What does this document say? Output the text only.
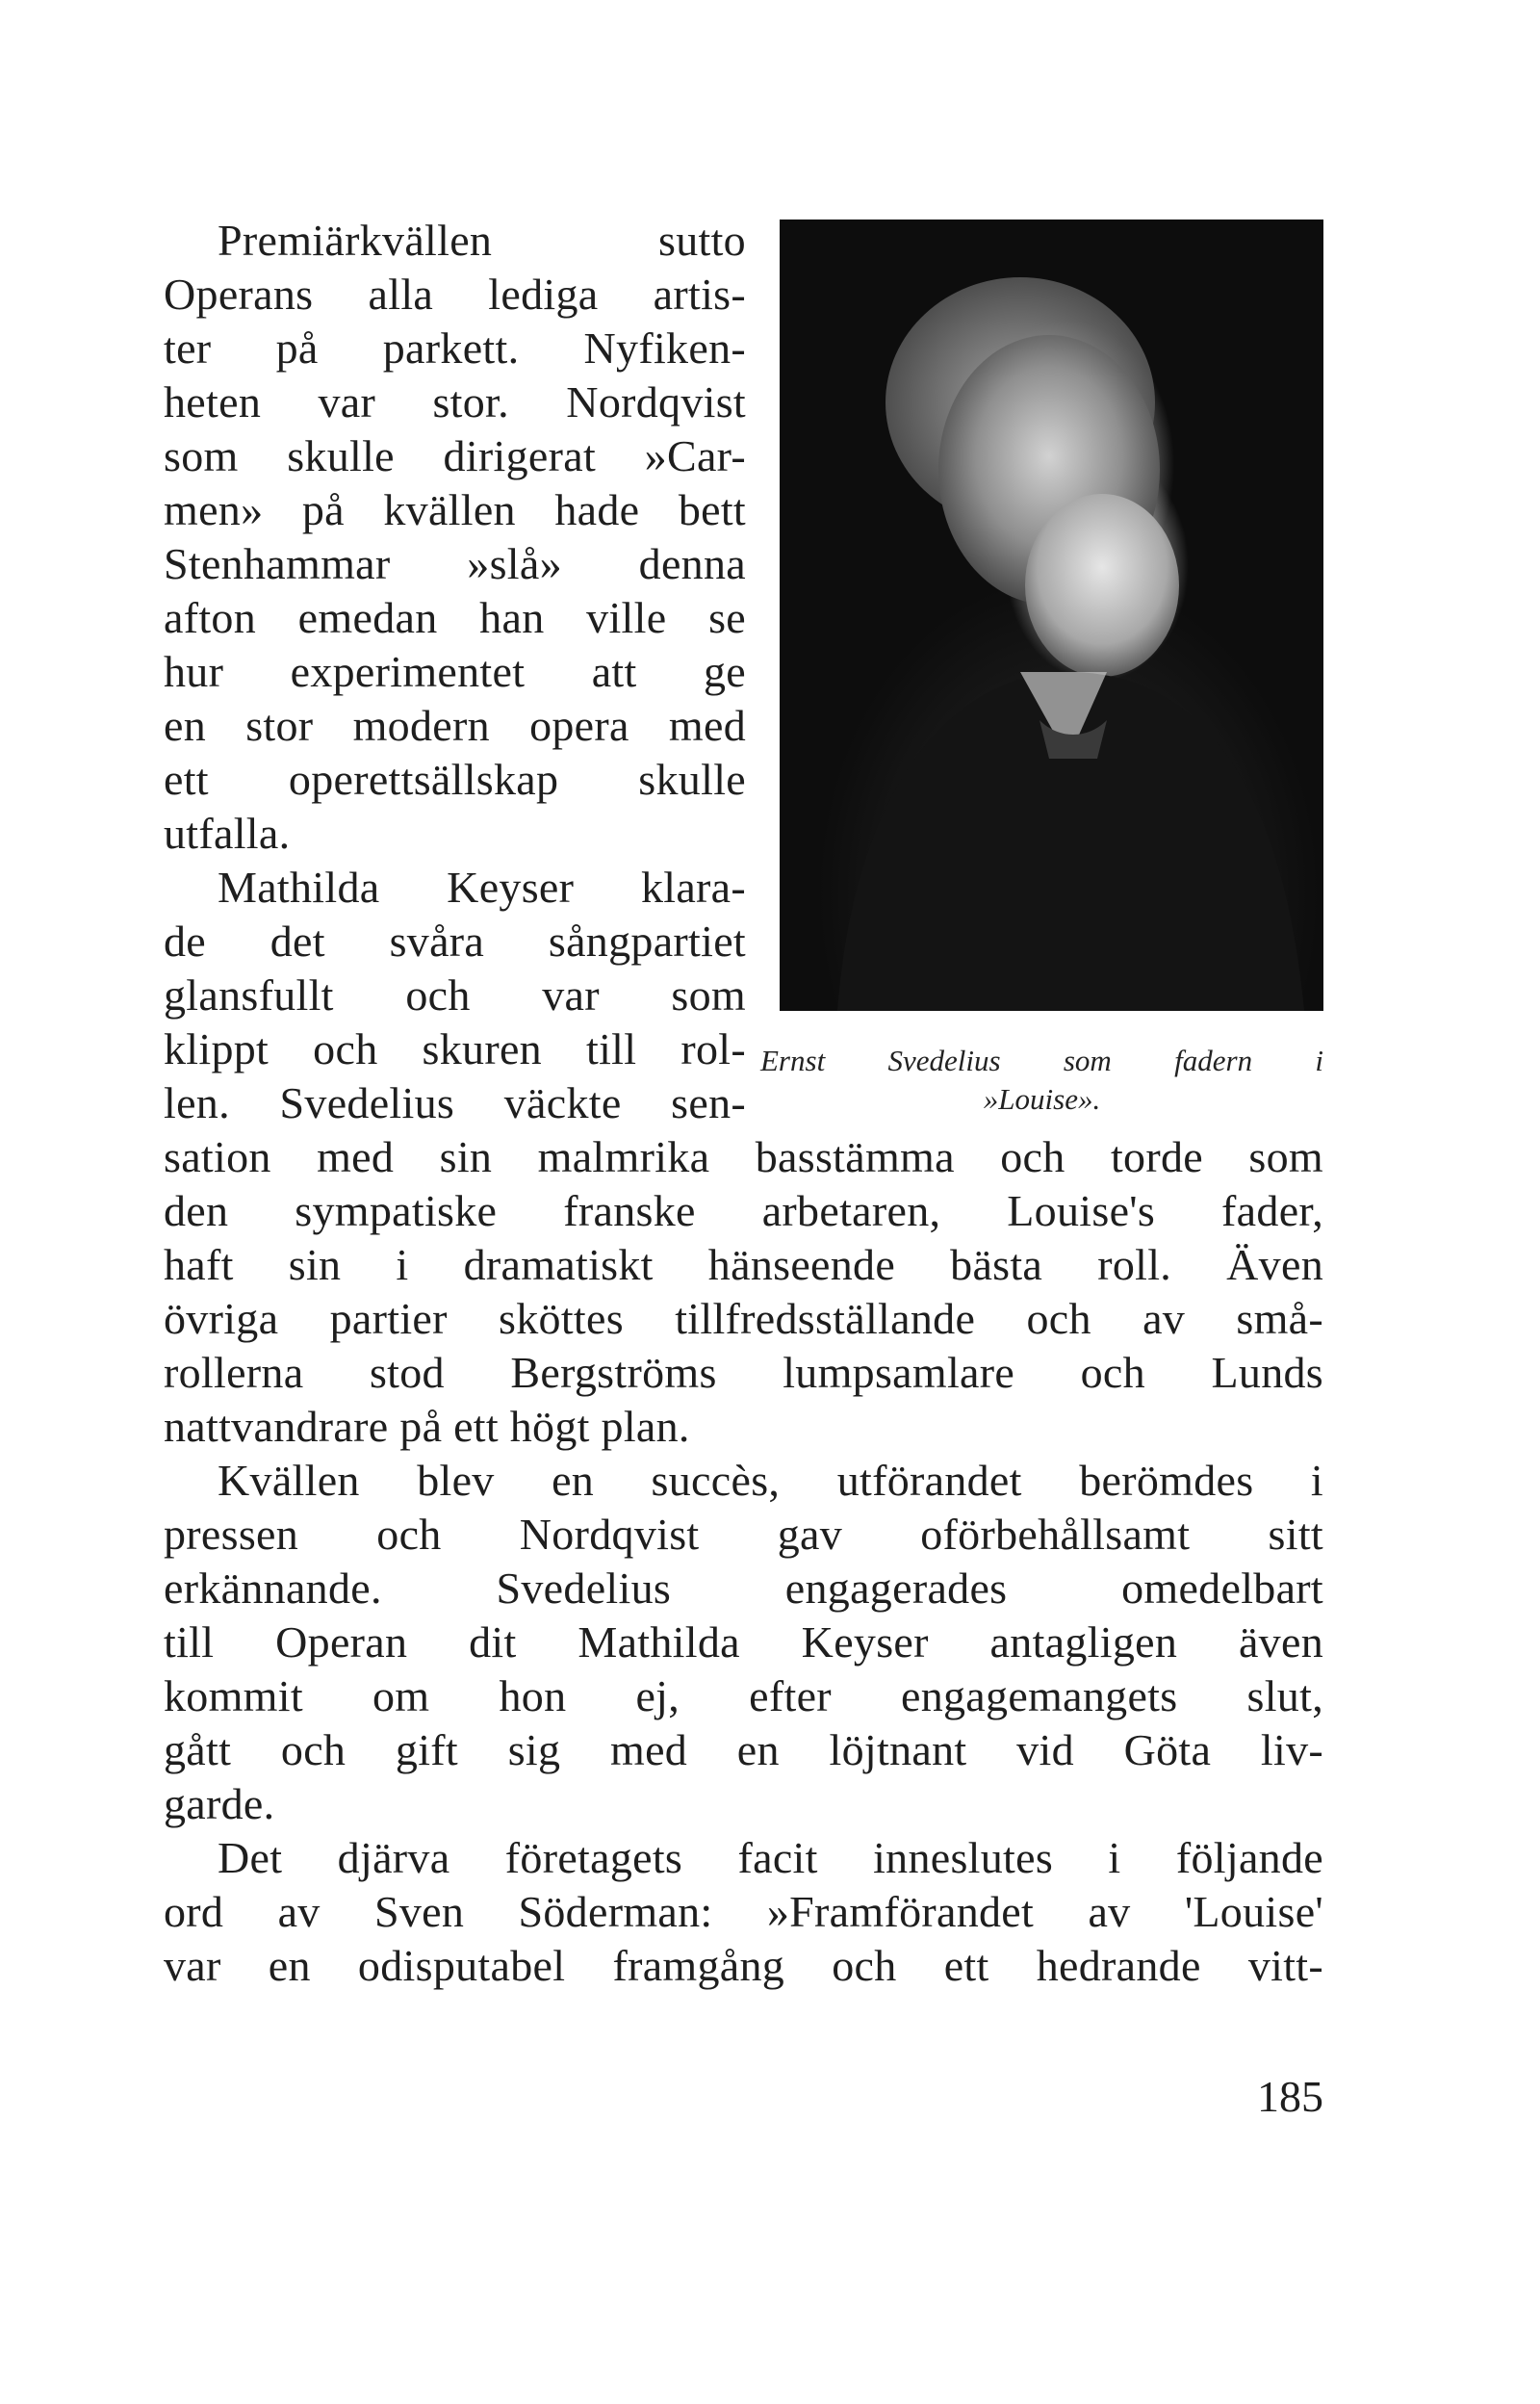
Premiärkvällen sutto
Operans alla lediga artis-
ter på parkett. Nyfiken-
heten var stor. Nordqvist
som skulle dirigerat »Car-
men» på kvällen hade bett
Stenhammar »slå» denna
afton emedan han ville se
hur experimentet att ge
en stor modern opera med
ett operettsällskap skulle
utfalla.
Mathilda Keyser klara-
de det svåra sångpartiet
glansfullt och var som
klippt och skuren till rol-
len. Svedelius väckte sen-
Ernst Svedelius som fadern i
»Louise».
sation med sin malmrika basstämma och torde som
den sympatiske franske arbetaren, Louise's fader,
haft sin i dramatiskt hänseende bästa roll. Även
övriga partier sköttes tillfredsställande och av små-
rollerna stod Bergströms lumpsamlare och Lunds
nattvandrare på ett högt plan.
Kvällen blev en succès, utförandet berömdes i
pressen och Nordqvist gav oförbehållsamt sitt
erkännande. Svedelius engagerades omedelbart
till Operan dit Mathilda Keyser antagligen även
kommit om hon ej, efter engagemangets slut,
gått och gift sig med en löjtnant vid Göta liv-
garde.
Det djärva företagets facit inneslutes i följande
ord av Sven Söderman: »Framförandet av 'Louise'
var en odisputabel framgång och ett hedrande vitt-
185
